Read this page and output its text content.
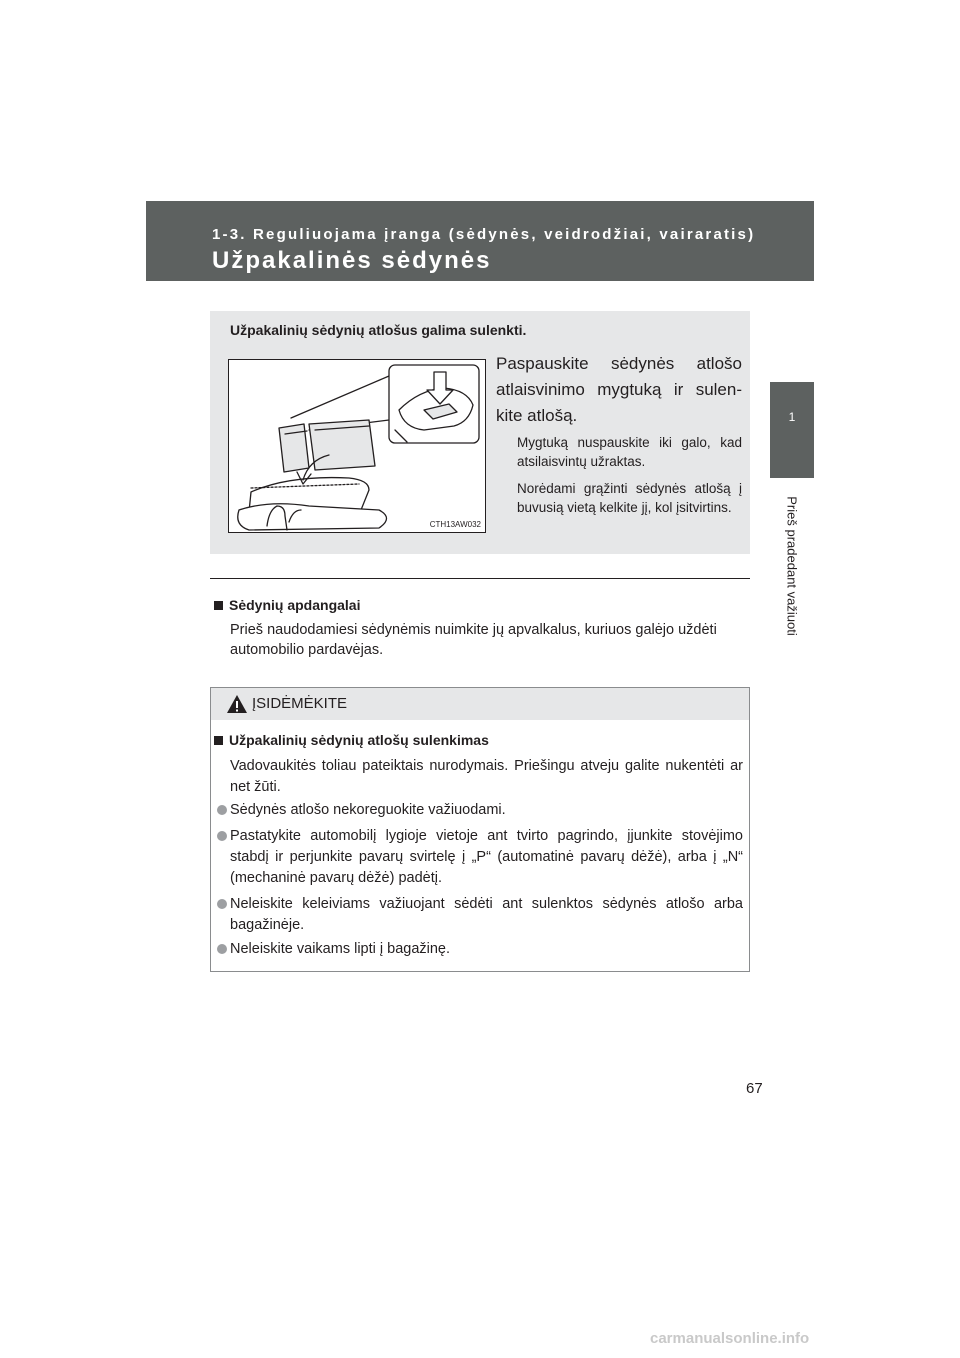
1-3. Reguliuojama įranga (sėdynės, veidrodžiai, vairaratis)
Užpakalinės sėdynės
1
Prieš pradedant važiuoti
Užpakalinių sėdynių atlošus galima sulenkti.
CTH13AW032
Paspauskite sėdynės atlošo atlaisvinimo mygtuką ir sulen- kite atlošą.
Mygtuką nuspauskite iki galo, kad atsilaisvintų užraktas.
Norėdami grąžinti sėdynės atlošą į buvusią vietą kelkite jį, kol įsitvirtins.
Sėdynių apdangalai
Prieš naudodamiesi sėdynėmis nuimkite jų apvalkalus, kuriuos galėjo uždėti automobilio pardavėjas.
ĮSIDĖMĖKITE
Užpakalinių sėdynių atlošų sulenkimas
Vadovaukitės toliau pateiktais nurodymais. Priešingu atveju galite nukentėti ar net žūti.
Sėdynės atlošo nekoreguokite važiuodami.
Pastatykite automobilį lygioje vietoje ant tvirto pagrindo, įjunkite stovėjimo stabdį ir perjunkite pavarų svirtelę į „P“ (automatinė pavarų dėžė), arba į „N“ (mechaninė pavarų dėžė) padėtį.
Neleiskite keleiviams važiuojant sėdėti ant sulenktos sėdynės atlošo arba bagažinėje.
Neleiskite vaikams lipti į bagažinę.
67
carmanualsonline.info
